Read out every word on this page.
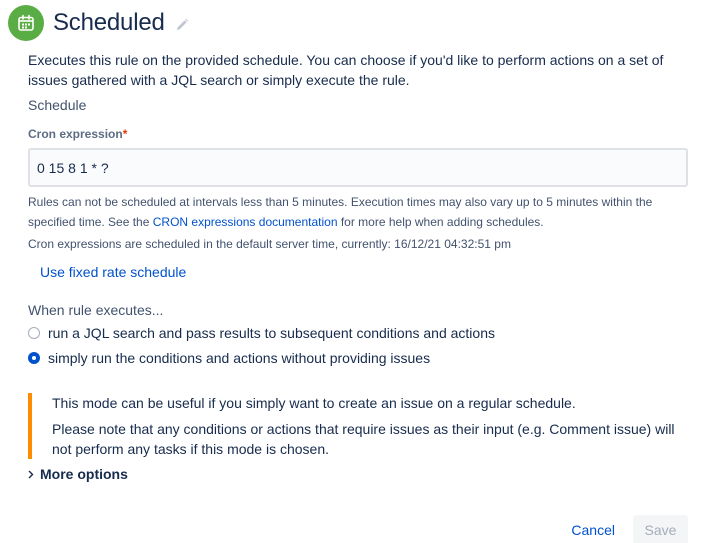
Scheduled

Executes this rule on the provided schedule. You can choose if you'd like to perform actions on a set of issues gathered with a JQL search or simply execute the rule.

Schedule
Cron expression*
0 15 8 1 * ?

Rules can not be scheduled at intervals less than 5 minutes. Execution times may also vary up to 5 minutes within the specified time. See the CRON expressions documentation for more help when adding schedules.

Cron expressions are scheduled in the default server time, currently: 16/12/21 04:32:51 pm
Use fixed rate schedule
When rule executes...
run a JQL search and pass results to subsequent conditions and actions
simply run the conditions and actions without providing issues

This mode can be useful if you simply want to create an issue on a regular schedule.

Please note that any conditions or actions that require issues as their input (e.g. Comment issue) will not perform any tasks if this mode is chosen.

More options
Cancel	Save
